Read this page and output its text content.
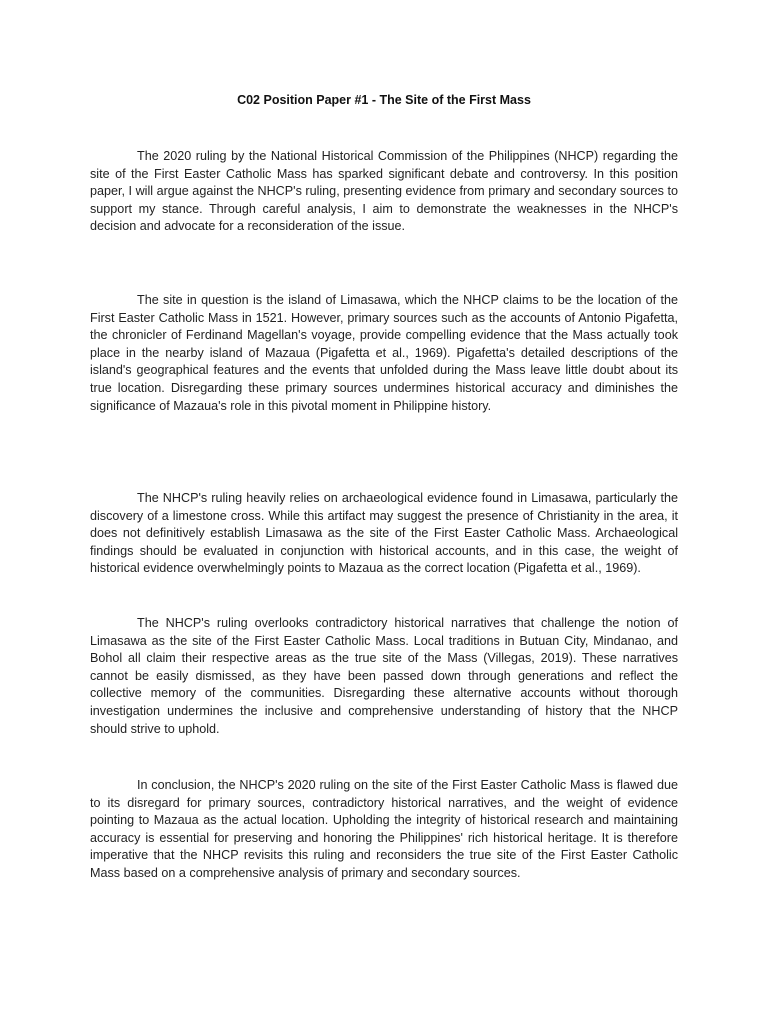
C02 Position Paper #1 - The Site of the First Mass

The 2020 ruling by the National Historical Commission of the Philippines (NHCP) regarding the site of the First Easter Catholic Mass has sparked significant debate and controversy. In this position paper, I will argue against the NHCP's ruling, presenting evidence from primary and secondary sources to support my stance. Through careful analysis, I aim to demonstrate the weaknesses in the NHCP's decision and advocate for a reconsideration of the issue.

The site in question is the island of Limasawa, which the NHCP claims to be the location of the First Easter Catholic Mass in 1521. However, primary sources such as the accounts of Antonio Pigafetta, the chronicler of Ferdinand Magellan's voyage, provide compelling evidence that the Mass actually took place in the nearby island of Mazaua (Pigafetta et al., 1969). Pigafetta's detailed descriptions of the island's geographical features and the events that unfolded during the Mass leave little doubt about its true location. Disregarding these primary sources undermines historical accuracy and diminishes the significance of Mazaua's role in this pivotal moment in Philippine history.

The NHCP's ruling heavily relies on archaeological evidence found in Limasawa, particularly the discovery of a limestone cross. While this artifact may suggest the presence of Christianity in the area, it does not definitively establish Limasawa as the site of the First Easter Catholic Mass. Archaeological findings should be evaluated in conjunction with historical accounts, and in this case, the weight of historical evidence overwhelmingly points to Mazaua as the correct location (Pigafetta et al., 1969).

The NHCP's ruling overlooks contradictory historical narratives that challenge the notion of Limasawa as the site of the First Easter Catholic Mass. Local traditions in Butuan City, Mindanao, and Bohol all claim their respective areas as the true site of the Mass (Villegas, 2019). These narratives cannot be easily dismissed, as they have been passed down through generations and reflect the collective memory of the communities. Disregarding these alternative accounts without thorough investigation undermines the inclusive and comprehensive understanding of history that the NHCP should strive to uphold.

In conclusion, the NHCP's 2020 ruling on the site of the First Easter Catholic Mass is flawed due to its disregard for primary sources, contradictory historical narratives, and the weight of evidence pointing to Mazaua as the actual location. Upholding the integrity of historical research and maintaining accuracy is essential for preserving and honoring the Philippines' rich historical heritage. It is therefore imperative that the NHCP revisits this ruling and reconsiders the true site of the First Easter Catholic Mass based on a comprehensive analysis of primary and secondary sources.
